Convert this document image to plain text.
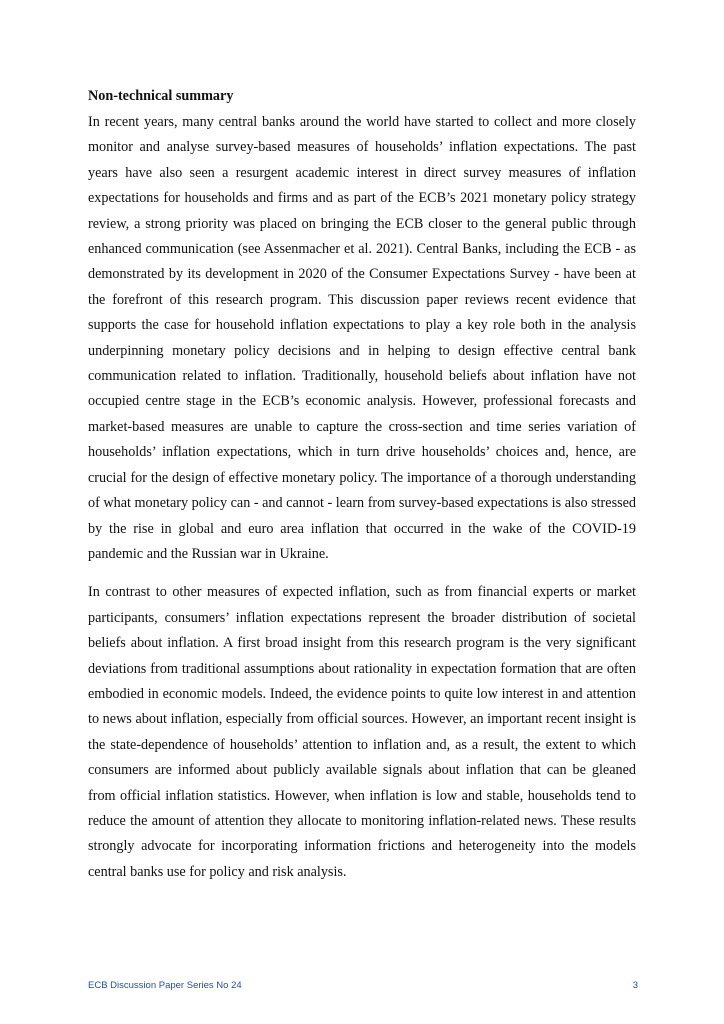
Non-technical summary

In recent years, many central banks around the world have started to collect and more closely monitor and analyse survey-based measures of households’ inflation expectations. The past years have also seen a resurgent academic interest in direct survey measures of inflation expectations for households and firms and as part of the ECB’s 2021 monetary policy strategy review, a strong priority was placed on bringing the ECB closer to the general public through enhanced communication (see Assenmacher et al. 2021). Central Banks, including the ECB - as demonstrated by its development in 2020 of the Consumer Expectations Survey - have been at the forefront of this research program. This discussion paper reviews recent evidence that supports the case for household inflation expectations to play a key role both in the analysis underpinning monetary policy decisions and in helping to design effective central bank communication related to inflation. Traditionally, household beliefs about inflation have not occupied centre stage in the ECB’s economic analysis. However, professional forecasts and market-based measures are unable to capture the cross-section and time series variation of households’ inflation expectations, which in turn drive households’ choices and, hence, are crucial for the design of effective monetary policy. The importance of a thorough understanding of what monetary policy can - and cannot - learn from survey-based expectations is also stressed by the rise in global and euro area inflation that occurred in the wake of the COVID-19 pandemic and the Russian war in Ukraine.

In contrast to other measures of expected inflation, such as from financial experts or market participants, consumers’ inflation expectations represent the broader distribution of societal beliefs about inflation. A first broad insight from this research program is the very significant deviations from traditional assumptions about rationality in expectation formation that are often embodied in economic models. Indeed, the evidence points to quite low interest in and attention to news about inflation, especially from official sources. However, an important recent insight is the state-dependence of households’ attention to inflation and, as a result, the extent to which consumers are informed about publicly available signals about inflation that can be gleaned from official inflation statistics. However, when inflation is low and stable, households tend to reduce the amount of attention they allocate to monitoring inflation-related news. These results strongly advocate for incorporating information frictions and heterogeneity into the models central banks use for policy and risk analysis.

ECB Discussion Paper Series No 24	3
